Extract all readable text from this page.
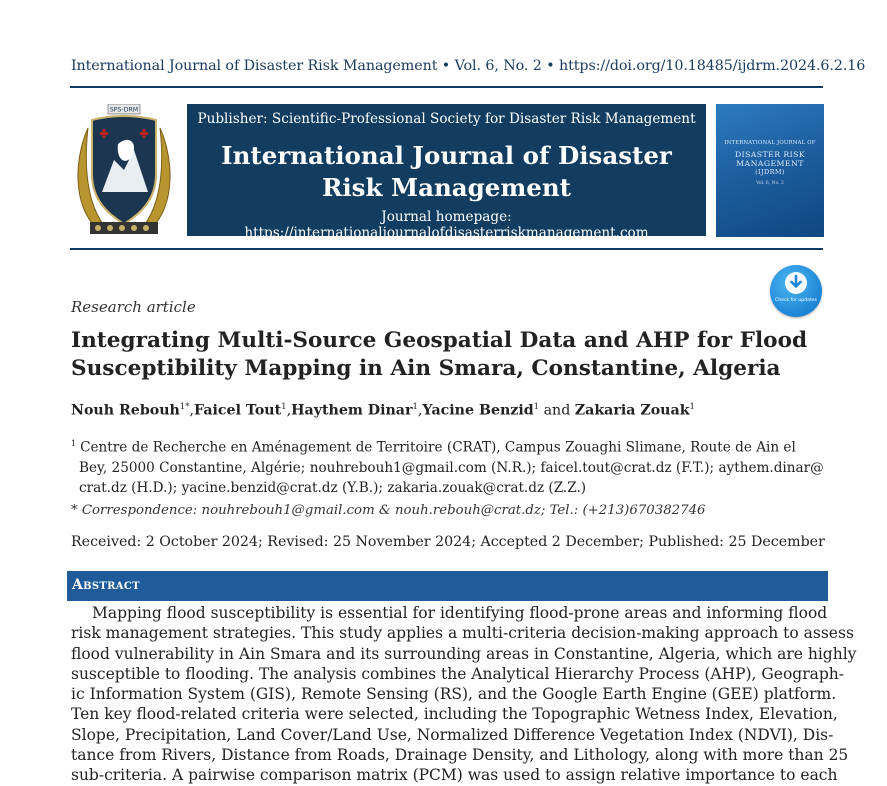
International Journal of Disaster Risk Management • Vol. 6, No. 2 • https://doi.org/10.18485/ijdrm.2024.6.2.16
SPS-DRM
Publisher: Scientific-Professional Society for Disaster Risk Management
International Journal of Disaster
Risk Management
Journal homepage: https://internationaljournalofdisasterriskmanagement.com
INTERNATIONAL JOURNAL OF
DISASTER RISK
MANAGEMENT
(IJDRM)
Vol. 6, No. 2
Check for updates
Research article
Integrating Multi-Source Geospatial Data and AHP for Flood
Susceptibility Mapping in Ain Smara, Constantine, Algeria
Nouh Rebouh$^{1*}$,Faicel Tout$^1$,Haythem Dinar$^1$,Yacine Benzid$^1$ and Zakaria Zouak$^1$
$^1$ Centre de Recherche en Aménagement de Territoire (CRAT), Campus Zouaghi Slimane, Route de Ain el
Bey, 25000 Constantine, Algérie; nouhrebouh1@gmail.com (N.R.); faicel.tout@crat.dz (F.T.); aythem.dinar@
crat.dz (H.D.); yacine.benzid@crat.dz (Y.B.); zakaria.zouak@crat.dz (Z.Z.)
* Correspondence: nouhrebouh1@gmail.com & nouh.rebouh@crat.dz; Tel.: (+213)670382746
Received: 2 October 2024; Revised: 25 November 2024; Accepted 2 December; Published: 25 December
Abstract
Mapping flood susceptibility is essential for identifying flood-prone areas and informing flood
risk management strategies. This study applies a multi-criteria decision-making approach to assess
flood vulnerability in Ain Smara and its surrounding areas in Constantine, Algeria, which are highly
susceptible to flooding. The analysis combines the Analytical Hierarchy Process (AHP), Geograph-
ic Information System (GIS), Remote Sensing (RS), and the Google Earth Engine (GEE) platform.
Ten key flood-related criteria were selected, including the Topographic Wetness Index, Elevation,
Slope, Precipitation, Land Cover/Land Use, Normalized Difference Vegetation Index (NDVI), Dis-
tance from Rivers, Distance from Roads, Drainage Density, and Lithology, along with more than 25
sub-criteria. A pairwise comparison matrix (PCM) was used to assign relative importance to each
